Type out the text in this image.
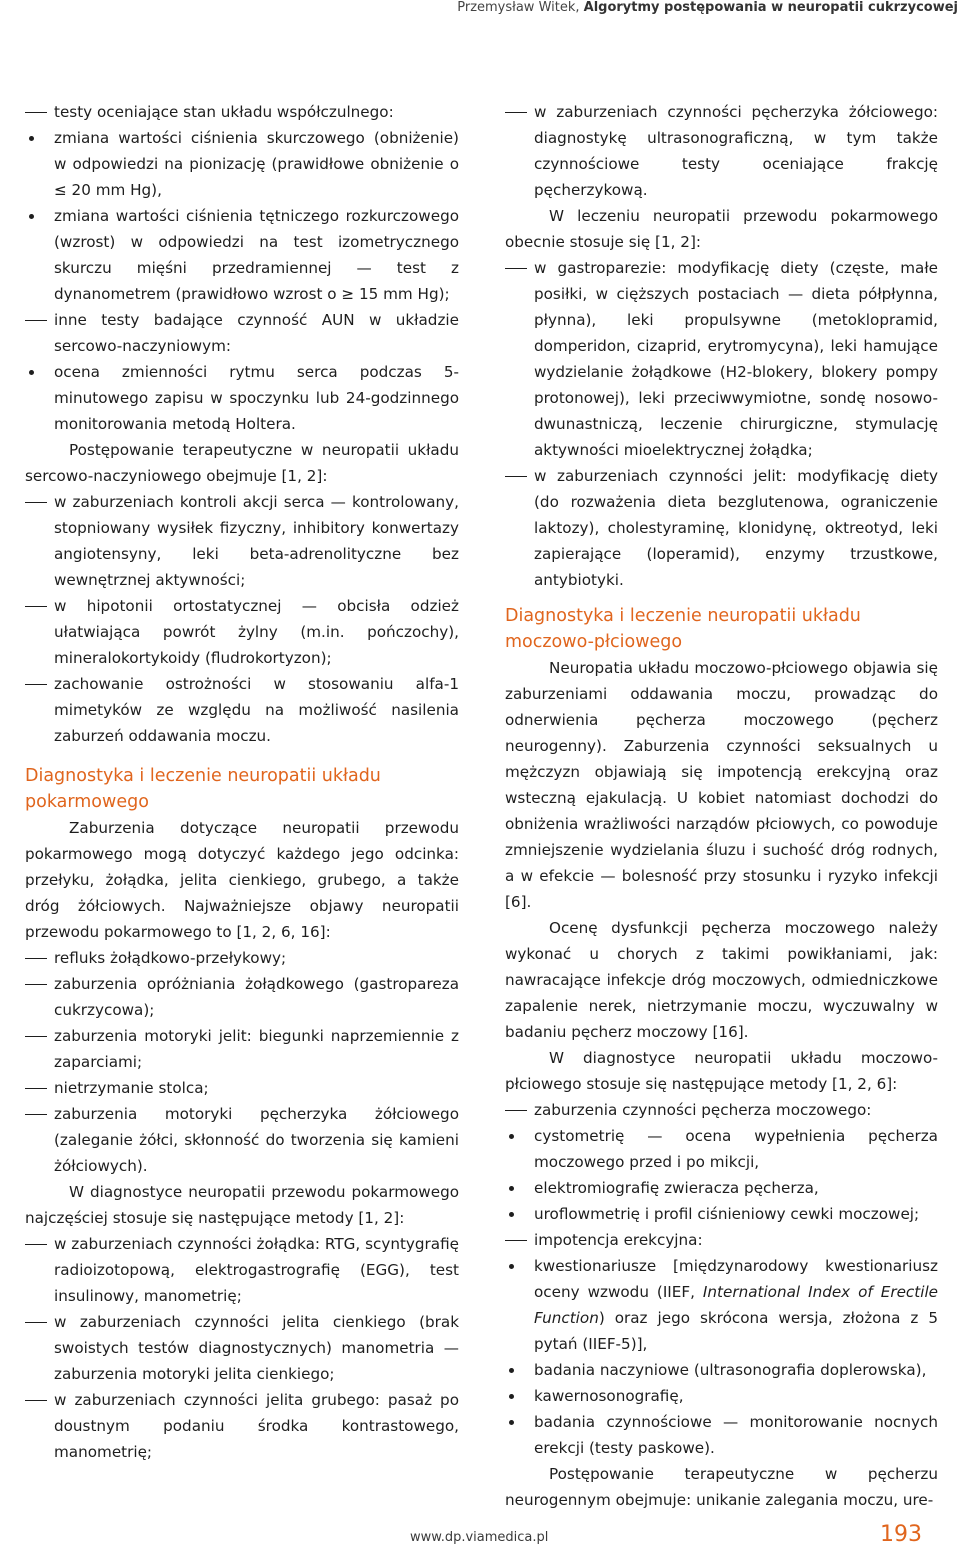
Przemysław Witek, Algorytmy postępowania w neuropatii cukrzycowej
testy oceniające stan układu współczulnego:
zmiana wartości ciśnienia skurczowego (obniżenie) w odpowiedzi na pionizację (prawidłowe obniżenie o ≤ 20 mm Hg),
zmiana wartości ciśnienia tętniczego rozkurczowego (wzrost) w odpowiedzi na test izometrycznego skurczu mięśni przedramiennej — test z dynanometrem (prawidłowo wzrost o ≥ 15 mm Hg);
inne testy badające czynność AUN w układzie sercowo-naczyniowym:
ocena zmienności rytmu serca podczas 5-minutowego zapisu w spoczynku lub 24-godzinnego monitorowania metodą Holtera.

Postępowanie terapeutyczne w neuropatii układu sercowo-naczyniowego obejmuje [1, 2]:

w zaburzeniach kontroli akcji serca — kontrolowany, stopniowany wysiłek fizyczny, inhibitory konwertazy angiotensyny, leki beta-adrenolityczne bez wewnętrznej aktywności;
w hipotonii ortostatycznej — obcisła odzież ułatwiająca powrót żylny (m.in. pończochy), mineralokortykoidy (fludrokortyzon);
zachowanie ostrożności w stosowaniu alfa-1 mimetyków ze względu na możliwość nasilenia zaburzeń oddawania moczu.
Diagnostyka i leczenie neuropatii układu pokarmowego

Zaburzenia dotyczące neuropatii przewodu pokarmowego mogą dotyczyć każdego jego odcinka: przełyku, żołądka, jelita cienkiego, grubego, a także dróg żółciowych. Najważniejsze objawy neuropatii przewodu pokarmowego to [1, 2, 6, 16]:

refluks żołądkowo-przełykowy;
zaburzenia opróżniania żołądkowego (gastropareza cukrzycowa);
zaburzenia motoryki jelit: biegunki naprzemiennie z zaparciami;
nietrzymanie stolca;
zaburzenia motoryki pęcherzyka żółciowego (zaleganie żółci, skłonność do tworzenia się kamieni żółciowych).

W diagnostyce neuropatii przewodu pokarmowego najczęściej stosuje się następujące metody [1, 2]:

w zaburzeniach czynności żołądka: RTG, scyntygrafię radioizotopową, elektrogastrografię (EGG), test insulinowy, manometrię;
w zaburzeniach czynności jelita cienkiego (brak swoistych testów diagnostycznych) manometria — zaburzenia motoryki jelita cienkiego;
w zaburzeniach czynności jelita grubego: pasaż po doustnym podaniu środka kontrastowego, manometrię;
w zaburzeniach czynności pęcherzyka żółciowego: diagnostykę ultrasonograficzną, w tym także czynnościowe testy oceniające frakcję pęcherzykową.

W leczeniu neuropatii przewodu pokarmowego obecnie stosuje się [1, 2]:

w gastroparezie: modyfikację diety (częste, małe posiłki, w cięższych postaciach — dieta półpłynna, płynna), leki propulsywne (metoklopramid, domperidon, cizaprid, erytromycyna), leki hamujące wydzielanie żołądkowe (H2-blokery, blokery pompy protonowej), leki przeciwwymiotne, sondę nosowo-dwunastniczą, leczenie chirurgiczne, stymulację aktywności mioelektrycznej żołądka;
w zaburzeniach czynności jelit: modyfikację diety (do rozważenia dieta bezglutenowa, ograniczenie laktozy), cholestyraminę, klonidynę, oktreotyd, leki zapierające (loperamid), enzymy trzustkowe, antybiotyki.
Diagnostyka i leczenie neuropatii układu moczowo-płciowego

Neuropatia układu moczowo-płciowego objawia się zaburzeniami oddawania moczu, prowadząc do odnerwienia pęcherza moczowego (pęcherz neurogenny). Zaburzenia czynności seksualnych u mężczyzn objawiają się impotencją erekcyjną oraz wsteczną ejakulacją. U kobiet natomiast dochodzi do obniżenia wrażliwości narządów płciowych, co powoduje zmniejszenie wydzielania śluzu i suchość dróg rodnych, a w efekcie — bolesność przy stosunku i ryzyko infekcji [6].

Ocenę dysfunkcji pęcherza moczowego należy wykonać u chorych z takimi powikłaniami, jak: nawracające infekcje dróg moczowych, odmiedniczkowe zapalenie nerek, nietrzymanie moczu, wyczuwalny w badaniu pęcherz moczowy [16].

W diagnostyce neuropatii układu moczowo-płciowego stosuje się następujące metody [1, 2, 6]:

zaburzenia czynności pęcherza moczowego:
cystometrię — ocena wypełnienia pęcherza moczowego przed i po mikcji,
elektromiografię zwieracza pęcherza,
uroflowmetrię i profil ciśnieniowy cewki moczowej;
impotencja erekcyjna:
kwestionariusze [międzynarodowy kwestionariusz oceny wzwodu (IIEF, International Index of Erectile Function) oraz jego skrócona wersja, złożona z 5 pytań (IIEF-5)],
badania naczyniowe (ultrasonografia doplerowska),
kawernosonografię,
badania czynnościowe — monitorowanie nocnych erekcji (testy paskowe).

Postępowanie terapeutyczne w pęcherzu neurogennym obejmuje: unikanie zalegania moczu, ure-

www.dp.viamedica.pl	193
